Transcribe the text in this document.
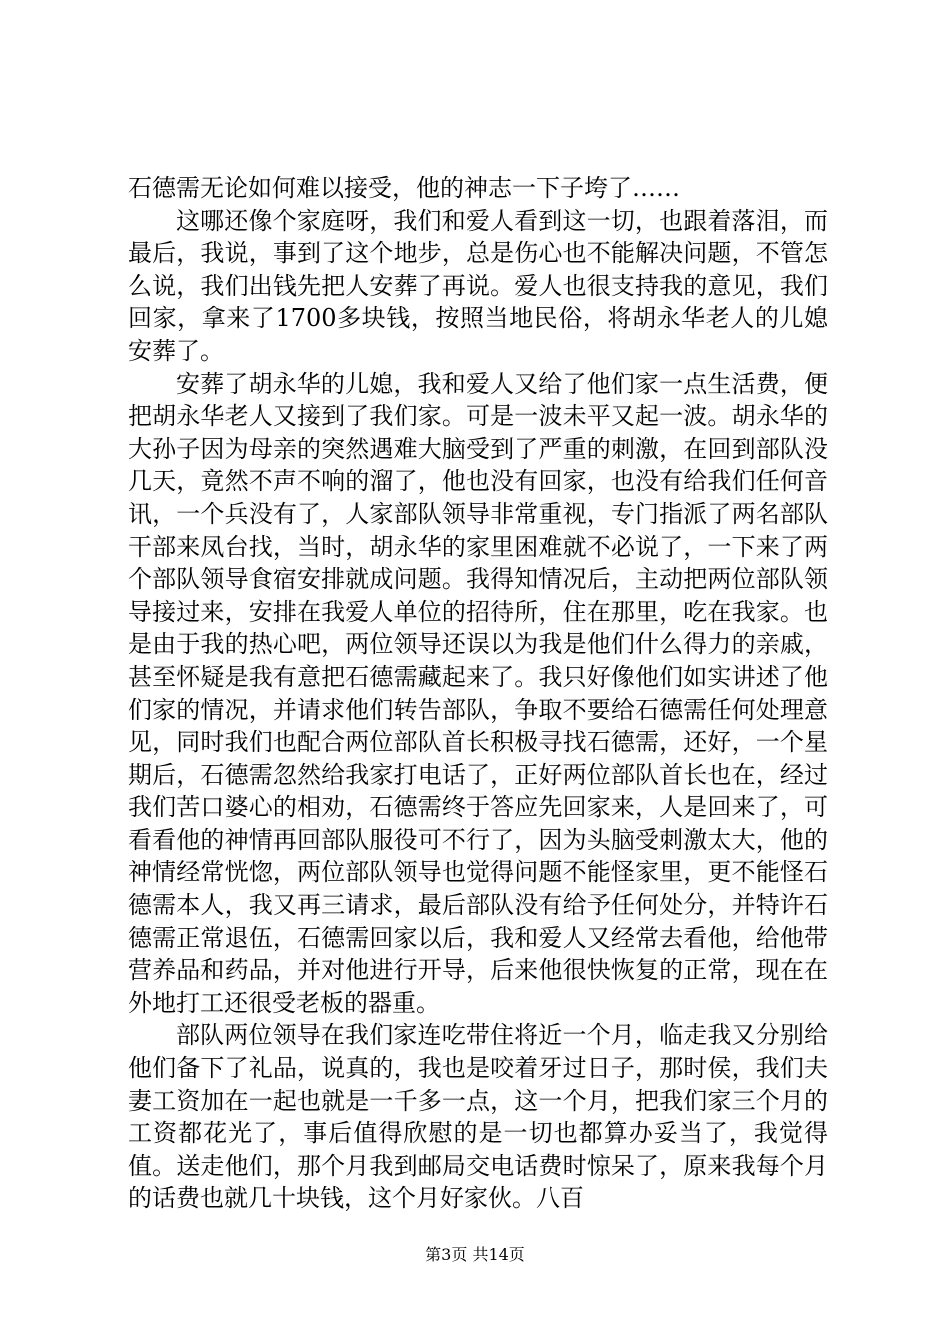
石德需无论如何难以接受，他的神志一下子垮了……

这哪还像个家庭呀，我们和爱人看到这一切，也跟着落泪，而最后，我说，事到了这个地步，总是伤心也不能解决问题，不管怎么说，我们出钱先把人安葬了再说。爱人也很支持我的意见，我们回家，拿来了1700多块钱，按照当地民俗，将胡永华老人的儿媳安葬了。

安葬了胡永华的儿媳，我和爱人又给了他们家一点生活费，便把胡永华老人又接到了我们家。可是一波未平又起一波。胡永华的大孙子因为母亲的突然遇难大脑受到了严重的刺激，在回到部队没几天，竟然不声不响的溜了，他也没有回家，也没有给我们任何音讯，一个兵没有了，人家部队领导非常重视，专门指派了两名部队干部来凤台找，当时，胡永华的家里困难就不必说了，一下来了两个部队领导食宿安排就成问题。我得知情况后，主动把两位部队领导接过来，安排在我爱人单位的招待所，住在那里，吃在我家。也是由于我的热心吧，两位领导还误以为我是他们什么得力的亲戚，甚至怀疑是我有意把石德需藏起来了。我只好像他们如实讲述了他们家的情况，并请求他们转告部队，争取不要给石德需任何处理意见，同时我们也配合两位部队首长积极寻找石德需，还好，一个星期后，石德需忽然给我家打电话了，正好两位部队首长也在，经过我们苦口婆心的相劝，石德需终于答应先回家来，人是回来了，可看看他的神情再回部队服役可不行了，因为头脑受刺激太大，他的神情经常恍惚，两位部队领导也觉得问题不能怪家里，更不能怪石德需本人，我又再三请求，最后部队没有给予任何处分，并特许石德需正常退伍，石德需回家以后，我和爱人又经常去看他，给他带营养品和药品，并对他进行开导，后来他很快恢复的正常，现在在外地打工还很受老板的器重。

部队两位领导在我们家连吃带住将近一个月，临走我又分别给他们备下了礼品，说真的，我也是咬着牙过日子，那时侯，我们夫妻工资加在一起也就是一千多一点，这一个月，把我们家三个月的工资都花光了，事后值得欣慰的是一切也都算办妥当了，我觉得值。送走他们，那个月我到邮局交电话费时惊呆了，原来我每个月的话费也就几十块钱，这个月好家伙。八百

第3页 共14页
